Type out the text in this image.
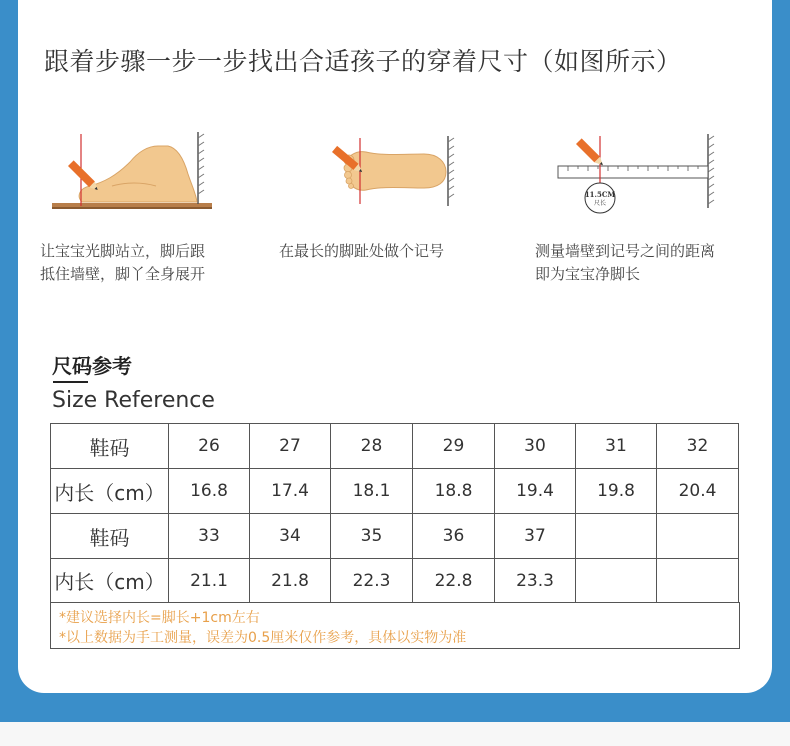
跟着步骤一步一步找出合适孩子的穿着尺寸（如图所示）
11.5CM
尺长
让宝宝光脚站立，脚后跟
抵住墙壁，脚丫全身展开
在最长的脚趾处做个记号	测量墙壁到记号之间的距离
即为宝宝净脚长
尺码参考
Size Reference
鞋码	26	27	28	29	30	31	32
内长（cm）	16.8	17.4	18.1	18.8	19.4	19.8	20.4
鞋码	33	34	35	36	37		
内长（cm）	21.1	21.8	22.3	22.8	23.3		
*建议选择内长=脚长+1cm左右
*以上数据为手工测量，误差为0.5厘米仅作参考，具体以实物为准
